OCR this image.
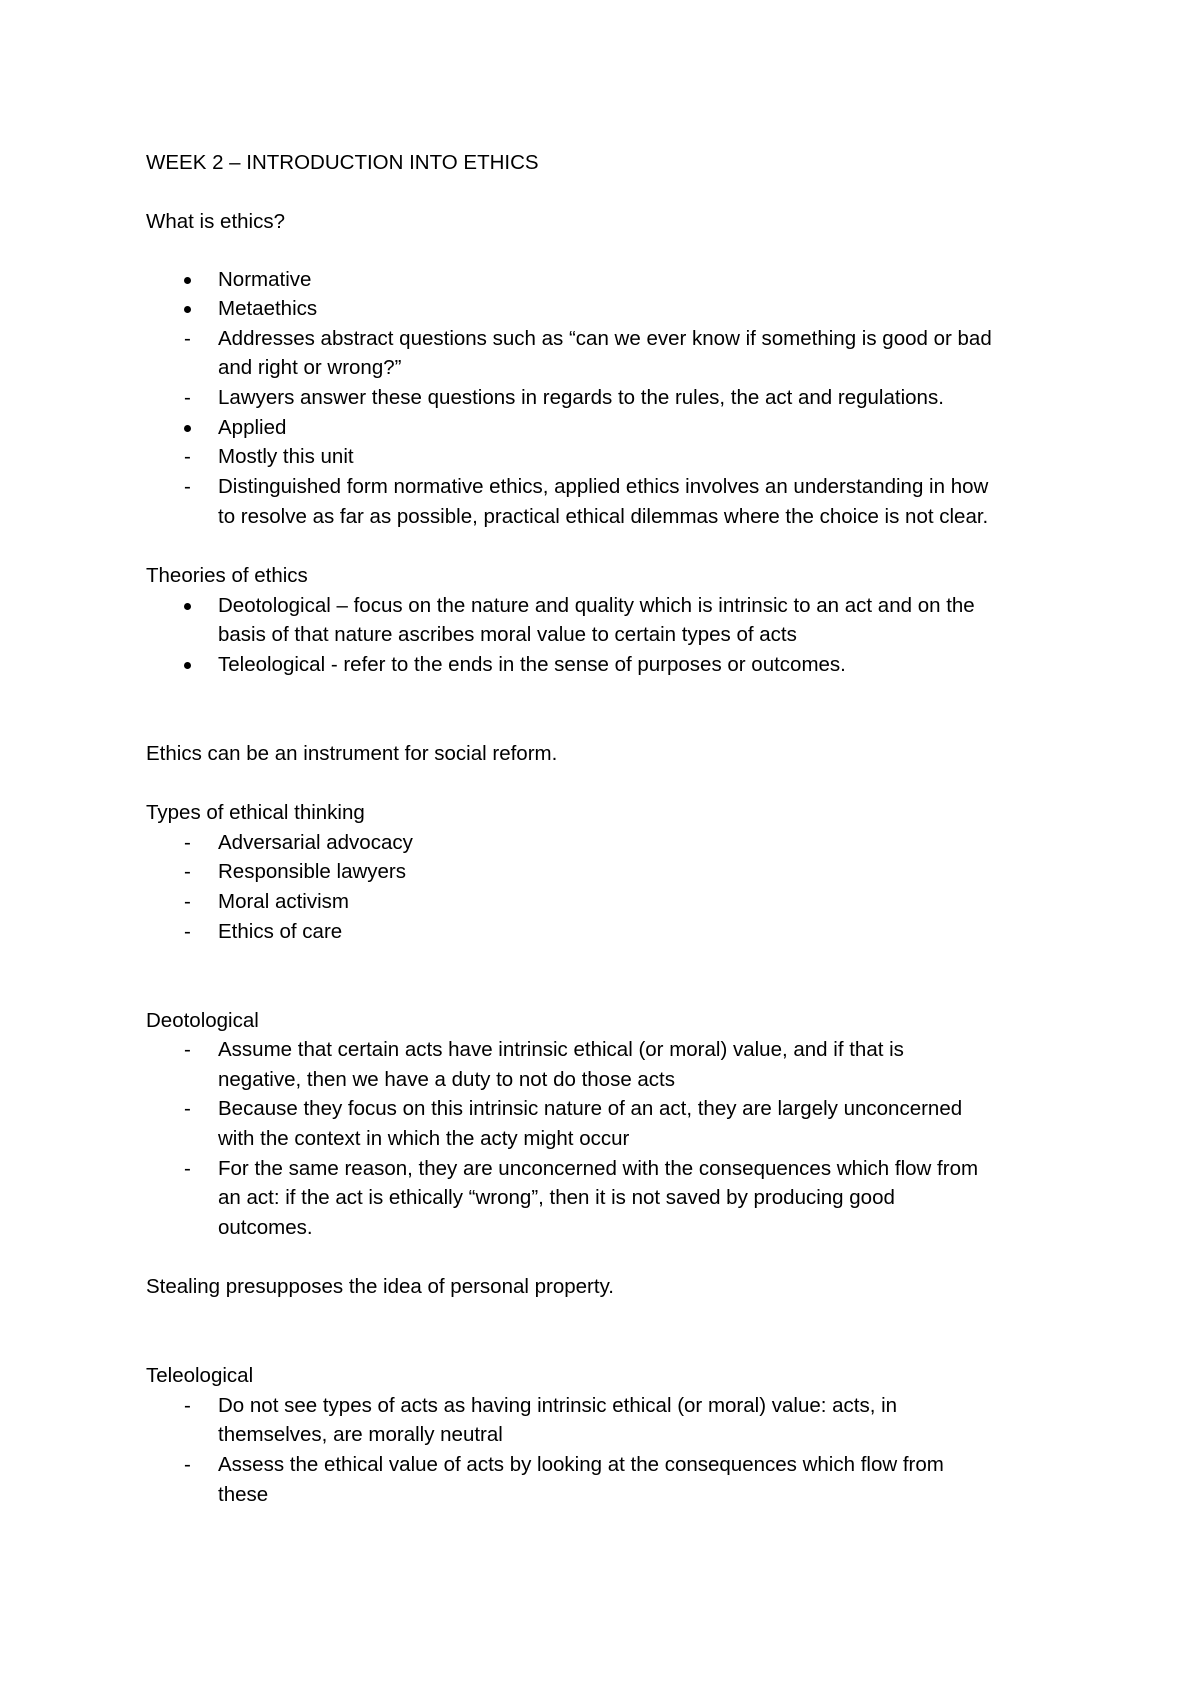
WEEK 2 – INTRODUCTION INTO ETHICS
What is ethics?
Normative
Metaethics
- Addresses abstract questions such as “can we ever know if something is good or bad
and right or wrong?”
- Lawyers answer these questions in regards to the rules, the act and regulations.
Applied
- Mostly this unit
- Distinguished form normative ethics, applied ethics involves an understanding in how
to resolve as far as possible, practical ethical dilemmas where the choice is not clear.
Theories of ethics
Deotological – focus on the nature and quality which is intrinsic to an act and on the
basis of that nature ascribes moral value to certain types of acts
Teleological - refer to the ends in the sense of purposes or outcomes.
Ethics can be an instrument for social reform.
Types of ethical thinking
- Adversarial advocacy
- Responsible lawyers
- Moral activism
- Ethics of care
Deotological
- Assume that certain acts have intrinsic ethical (or moral) value, and if that is
negative, then we have a duty to not do those acts
- Because they focus on this intrinsic nature of an act, they are largely unconcerned
with the context in which the acty might occur
- For the same reason, they are unconcerned with the consequences which flow from
an act: if the act is ethically “wrong”, then it is not saved by producing good
outcomes.
Stealing presupposes the idea of personal property.
Teleological
- Do not see types of acts as having intrinsic ethical (or moral) value: acts, in
themselves, are morally neutral
- Assess the ethical value of acts by looking at the consequences which flow from
these
